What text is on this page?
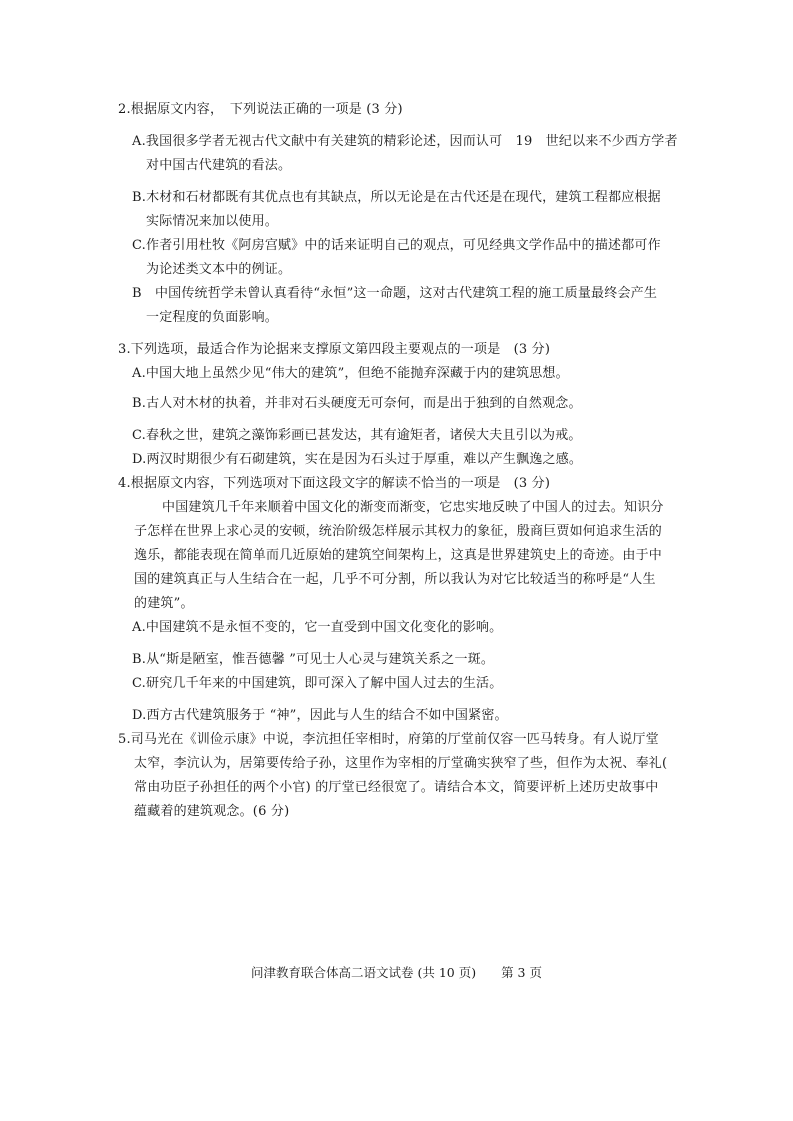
2.根据原文内容，　下列说法正确的一项是 (3 分)
A.我国很多学者无视古代文献中有关建筑的精彩论述，因而认可　19　世纪以来不少西方学者
对中国古代建筑的看法。
B.木材和石材都既有其优点也有其缺点，所以无论是在古代还是在现代，建筑工程都应根据
实际情况来加以使用。
C.作者引用杜牧《阿房宫赋》中的话来证明自己的观点，可见经典文学作品中的描述都可作
为论述类文本中的例证。
B　中国传统哲学未曾认真看待“永恒”这一命题，这对古代建筑工程的施工质量最终会产生
一定程度的负面影响。
3.下列选项，最适合作为论据来支撑原文第四段主要观点的一项是　(3 分)
A.中国大地上虽然少见“伟大的建筑”，但绝不能抛弃深藏于内的建筑思想。
B.古人对木材的执着，并非对石头硬度无可奈何，而是出于独到的自然观念。
C.春秋之世，建筑之藻饰彩画已甚发达，其有逾矩者，诸侯大夫且引以为戒。
D.两汉时期很少有石砌建筑，实在是因为石头过于厚重，难以产生飘逸之感。
4.根据原文内容，下列选项对下面这段文字的解读不恰当的一项是　(3 分)
中国建筑几千年来顺着中国文化的渐变而渐变，它忠实地反映了中国人的过去。知识分
子怎样在世界上求心灵的安顿，统治阶级怎样展示其权力的象征，殷商巨贾如何追求生活的
逸乐，都能表现在简单而几近原始的建筑空间架构上，这真是世界建筑史上的奇迹。由于中
国的建筑真正与人生结合在一起，几乎不可分割，所以我认为对它比较适当的称呼是“人生
的建筑”。
A.中国建筑不是永恒不变的，它一直受到中国文化变化的影响。
B.从“斯是陋室，惟吾德馨 ”可见士人心灵与建筑关系之一斑。
C.研究几千年来的中国建筑，即可深入了解中国人过去的生活。
D.西方古代建筑服务于 “神”，因此与人生的结合不如中国紧密。
5.司马光在《训俭示康》中说，李沆担任宰相时，府第的厅堂前仅容一匹马转身。有人说厅堂
太窄，李沆认为，居第要传给子孙，这里作为宰相的厅堂确实狭窄了些，但作为太祝、奉礼(
常由功臣子孙担任的两个小官) 的厅堂已经很宽了。请结合本文，简要评析上述历史故事中
蕴藏着的建筑观念。(6 分)
问津教育联合体高二语文试卷 (共 10 页)　　第 3 页
